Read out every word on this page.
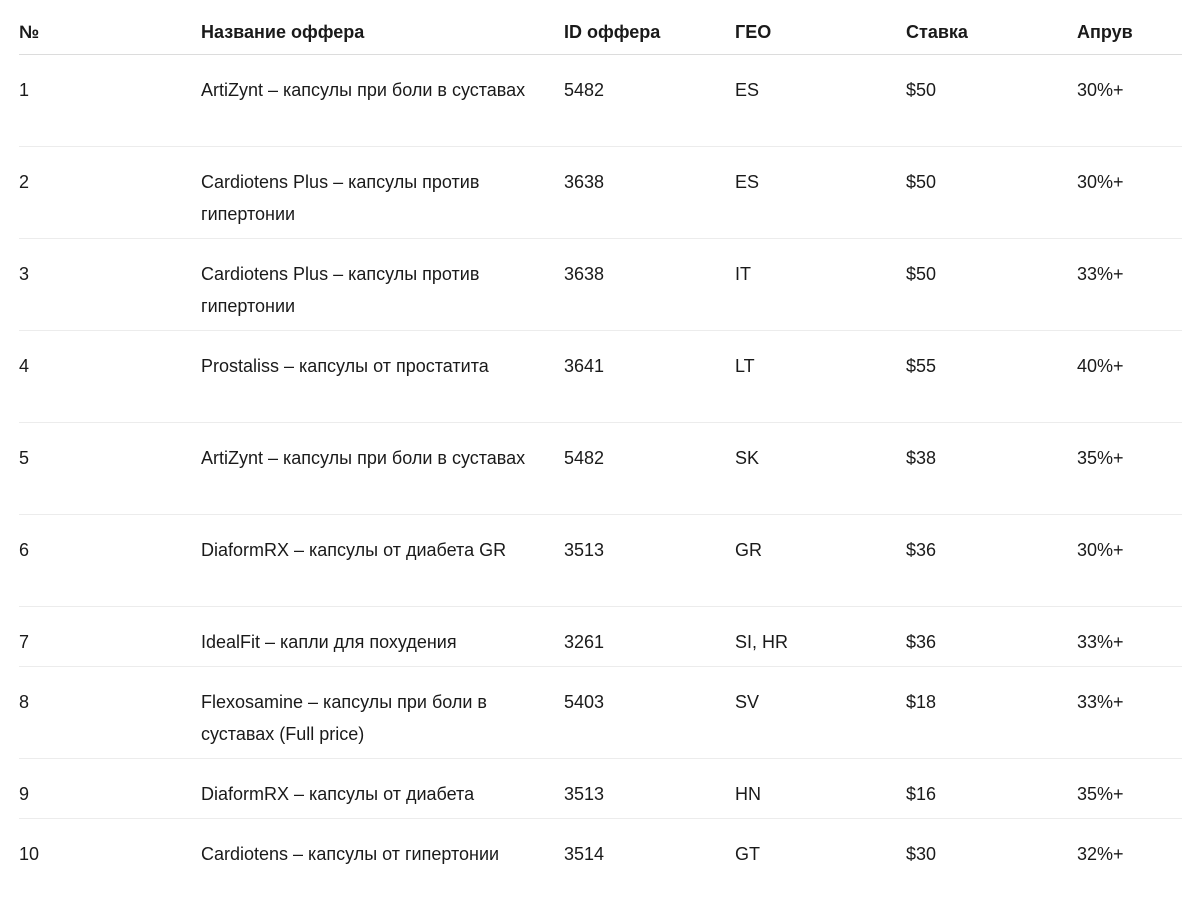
№	Название оффера	ID оффера	ГЕО	Ставка	Апрув
1	ArtiZynt – капсулы при боли в суставах	5482	ES	$50	30%+
2	Cardiotens Plus – капсулы против гипертонии	3638	ES	$50	30%+
3	Cardiotens Plus – капсулы против гипертонии	3638	IT	$50	33%+
4	Prostaliss – капсулы от простатита	3641	LT	$55	40%+
5	ArtiZynt – капсулы при боли в суставах	5482	SK	$38	35%+
6	DiaformRX – капсулы от диабета GR	3513	GR	$36	30%+
7	IdealFit – капли для похудения	3261	SI, HR	$36	33%+
8	Flexosamine – капсулы при боли в суставах (Full price)	5403	SV	$18	33%+
9	DiaformRX – капсулы от диабета	3513	HN	$16	35%+
10	Cardiotens – капсулы от гипертонии	3514	GT	$30	32%+
